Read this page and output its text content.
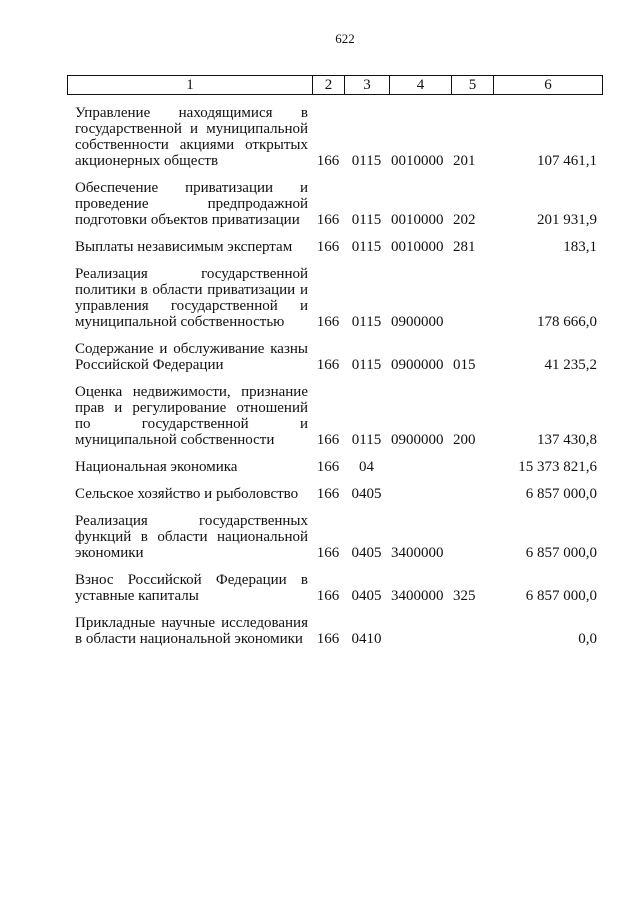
622
1	2	3	4	5	6
Управление находящимися в государственной и муниципальной собственности акциями открытых акционерных обществ	166	0115	0010000	201	107 461,1
Обеспечение приватизации и проведение предпродажной подготовки объектов приватизации	166	0115	0010000	202	201 931,9
Выплаты независимым экспертам	166	0115	0010000	281	183,1
Реализация государственной политики в области приватизации и управления государственной и муниципальной собственностью	166	0115	0900000		178 666,0
Содержание и обслуживание казны Российской Федерации	166	0115	0900000	015	41 235,2
Оценка недвижимости, признание прав и регулирование отношений по государственной и муниципальной собственности	166	0115	0900000	200	137 430,8
Национальная экономика	166	04			15 373 821,6
Сельское хозяйство и рыболовство	166	0405			6 857 000,0
Реализация государственных функций в области национальной экономики	166	0405	3400000		6 857 000,0
Взнос Российской Федерации в уставные капиталы	166	0405	3400000	325	6 857 000,0
Прикладные научные исследования в области национальной экономики	166	0410			0,0
